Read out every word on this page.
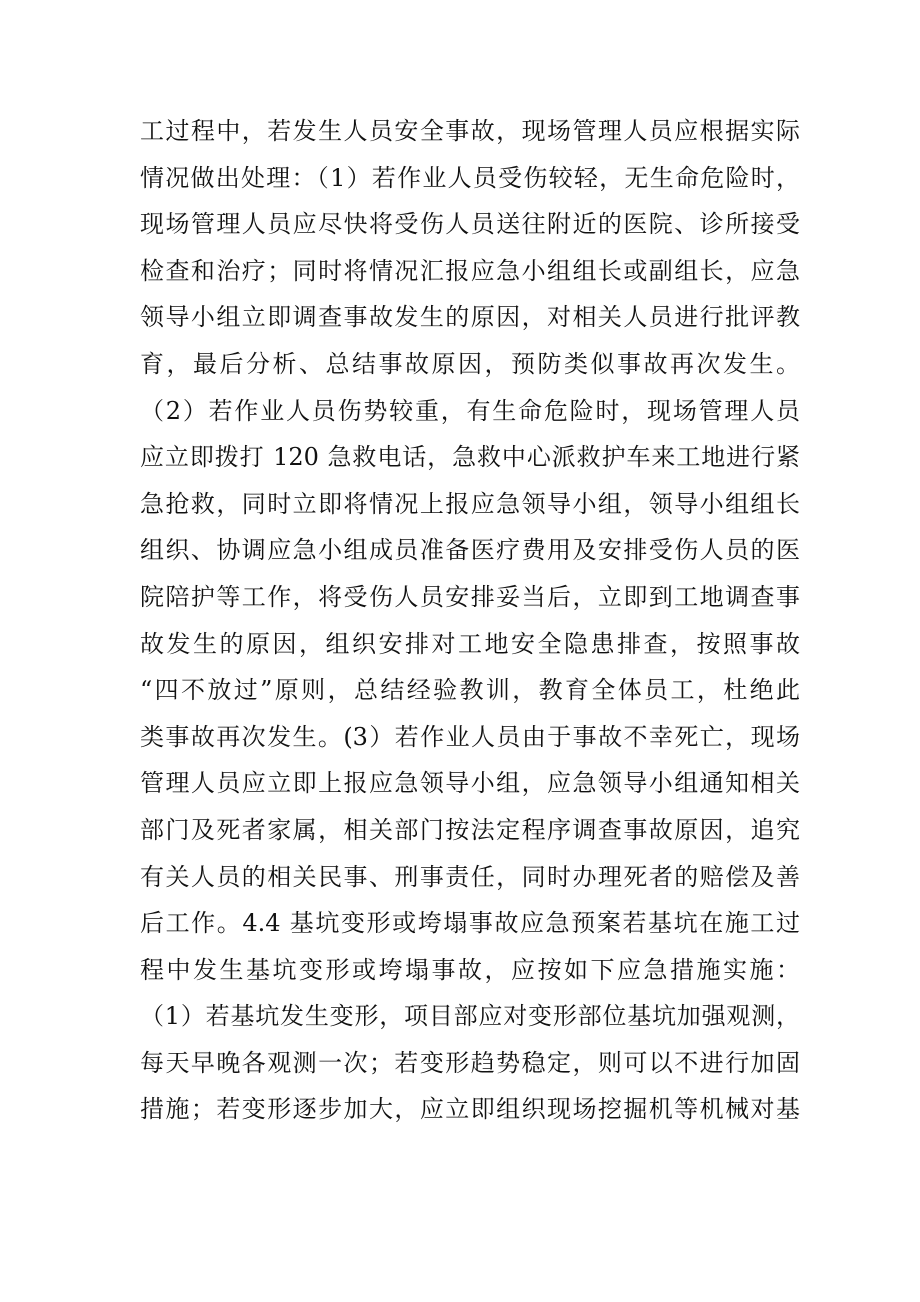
工过程中，若发生人员安全事故，现场管理人员应根据实际
情况做出处理：（1）若作业人员受伤较轻，无生命危险时，
现场管理人员应尽快将受伤人员送往附近的医院、诊所接受
检查和治疗；同时将情况汇报应急小组组长或副组长，应急
领导小组立即调查事故发生的原因，对相关人员进行批评教
育，最后分析、总结事故原因，预防类似事故再次发生。
（2）若作业人员伤势较重，有生命危险时，现场管理人员
应立即拨打 120 急救电话，急救中心派救护车来工地进行紧
急抢救，同时立即将情况上报应急领导小组，领导小组组长
组织、协调应急小组成员准备医疗费用及安排受伤人员的医
院陪护等工作，将受伤人员安排妥当后，立即到工地调查事
故发生的原因，组织安排对工地安全隐患排查，按照事故
“四不放过”原则，总结经验教训，教育全体员工，杜绝此
类事故再次发生。(3）若作业人员由于事故不幸死亡，现场
管理人员应立即上报应急领导小组，应急领导小组通知相关
部门及死者家属，相关部门按法定程序调查事故原因，追究
有关人员的相关民事、刑事责任，同时办理死者的赔偿及善
后工作。4.4 基坑变形或垮塌事故应急预案若基坑在施工过
程中发生基坑变形或垮塌事故，应按如下应急措施实施：
（1）若基坑发生变形，项目部应对变形部位基坑加强观测，
每天早晚各观测一次；若变形趋势稳定，则可以不进行加固
措施；若变形逐步加大，应立即组织现场挖掘机等机械对基
